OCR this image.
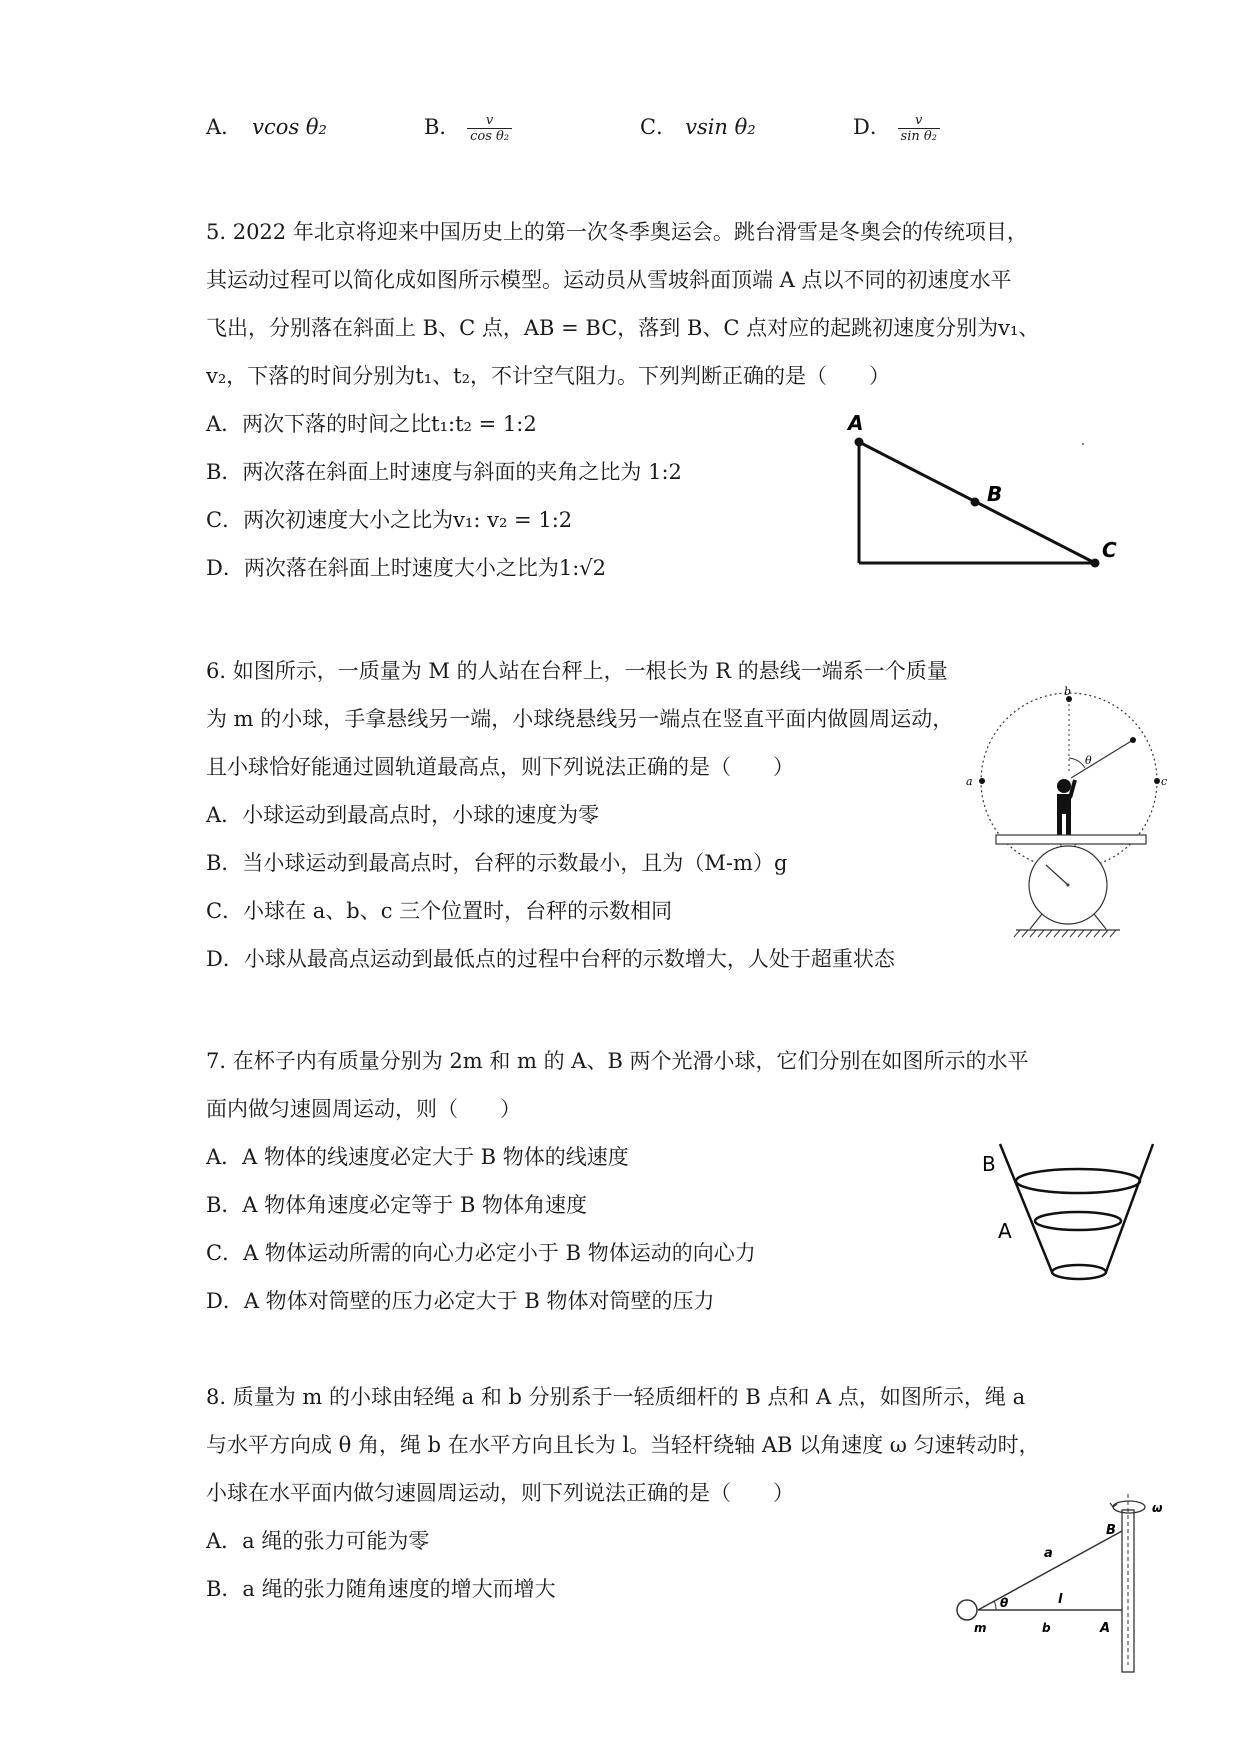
A． vcos θ₂	B． $\frac{v}{\text{cos θ₂}}$	C． vsin θ₂	D． $\frac{v}{\text{sin θ₂}}$
5. 2022 年北京将迎来中国历史上的第一次冬季奥运会。跳台滑雪是冬奥会的传统项目，
其运动过程可以简化成如图所示模型。运动员从雪坡斜面顶端 A 点以不同的初速度水平
飞出，分别落在斜面上 B、C 点，AB = BC，落到 B、C 点对应的起跳初速度分别为v₁、
v₂，下落的时间分别为t₁、t₂，不计空气阻力。下列判断正确的是（　　）
A．两次下落的时间之比t₁:t₂ = 1:2
B．两次落在斜面上时速度与斜面的夹角之比为 1:2
C．两次初速度大小之比为v₁: v₂ = 1:2
D．两次落在斜面上时速度大小之比为1:√2
A
B
C
6. 如图所示，一质量为 M 的人站在台秤上，一根长为 R 的悬线一端系一个质量
为 m 的小球，手拿悬线另一端，小球绕悬线另一端点在竖直平面内做圆周运动，
且小球恰好能通过圆轨道最高点，则下列说法正确的是（　　）
A．小球运动到最高点时，小球的速度为零
B．当小球运动到最高点时，台秤的示数最小，且为（M-m）g
C．小球在 a、b、c 三个位置时，台秤的示数相同
D．小球从最高点运动到最低点的过程中台秤的示数增大，人处于超重状态
b
a	c
θ
7. 在杯子内有质量分别为 2m 和 m 的 A、B 两个光滑小球，它们分别在如图所示的水平
面内做匀速圆周运动，则（　　）
A．A 物体的线速度必定大于 B 物体的线速度
B．A 物体角速度必定等于 B 物体角速度
C．A 物体运动所需的向心力必定小于 B 物体运动的向心力
D．A 物体对筒壁的压力必定大于 B 物体对筒壁的压力
B
A
8. 质量为 m 的小球由轻绳 a 和 b 分别系于一轻质细杆的 B 点和 A 点，如图所示，绳 a
与水平方向成 θ 角，绳 b 在水平方向且长为 l。当轻杆绕轴 AB 以角速度 ω 匀速转动时，
小球在水平面内做匀速圆周运动，则下列说法正确的是（　　）
A．a 绳的张力可能为零
B．a 绳的张力随角速度的增大而增大
ω
B
a
θ	l
m	b	A
